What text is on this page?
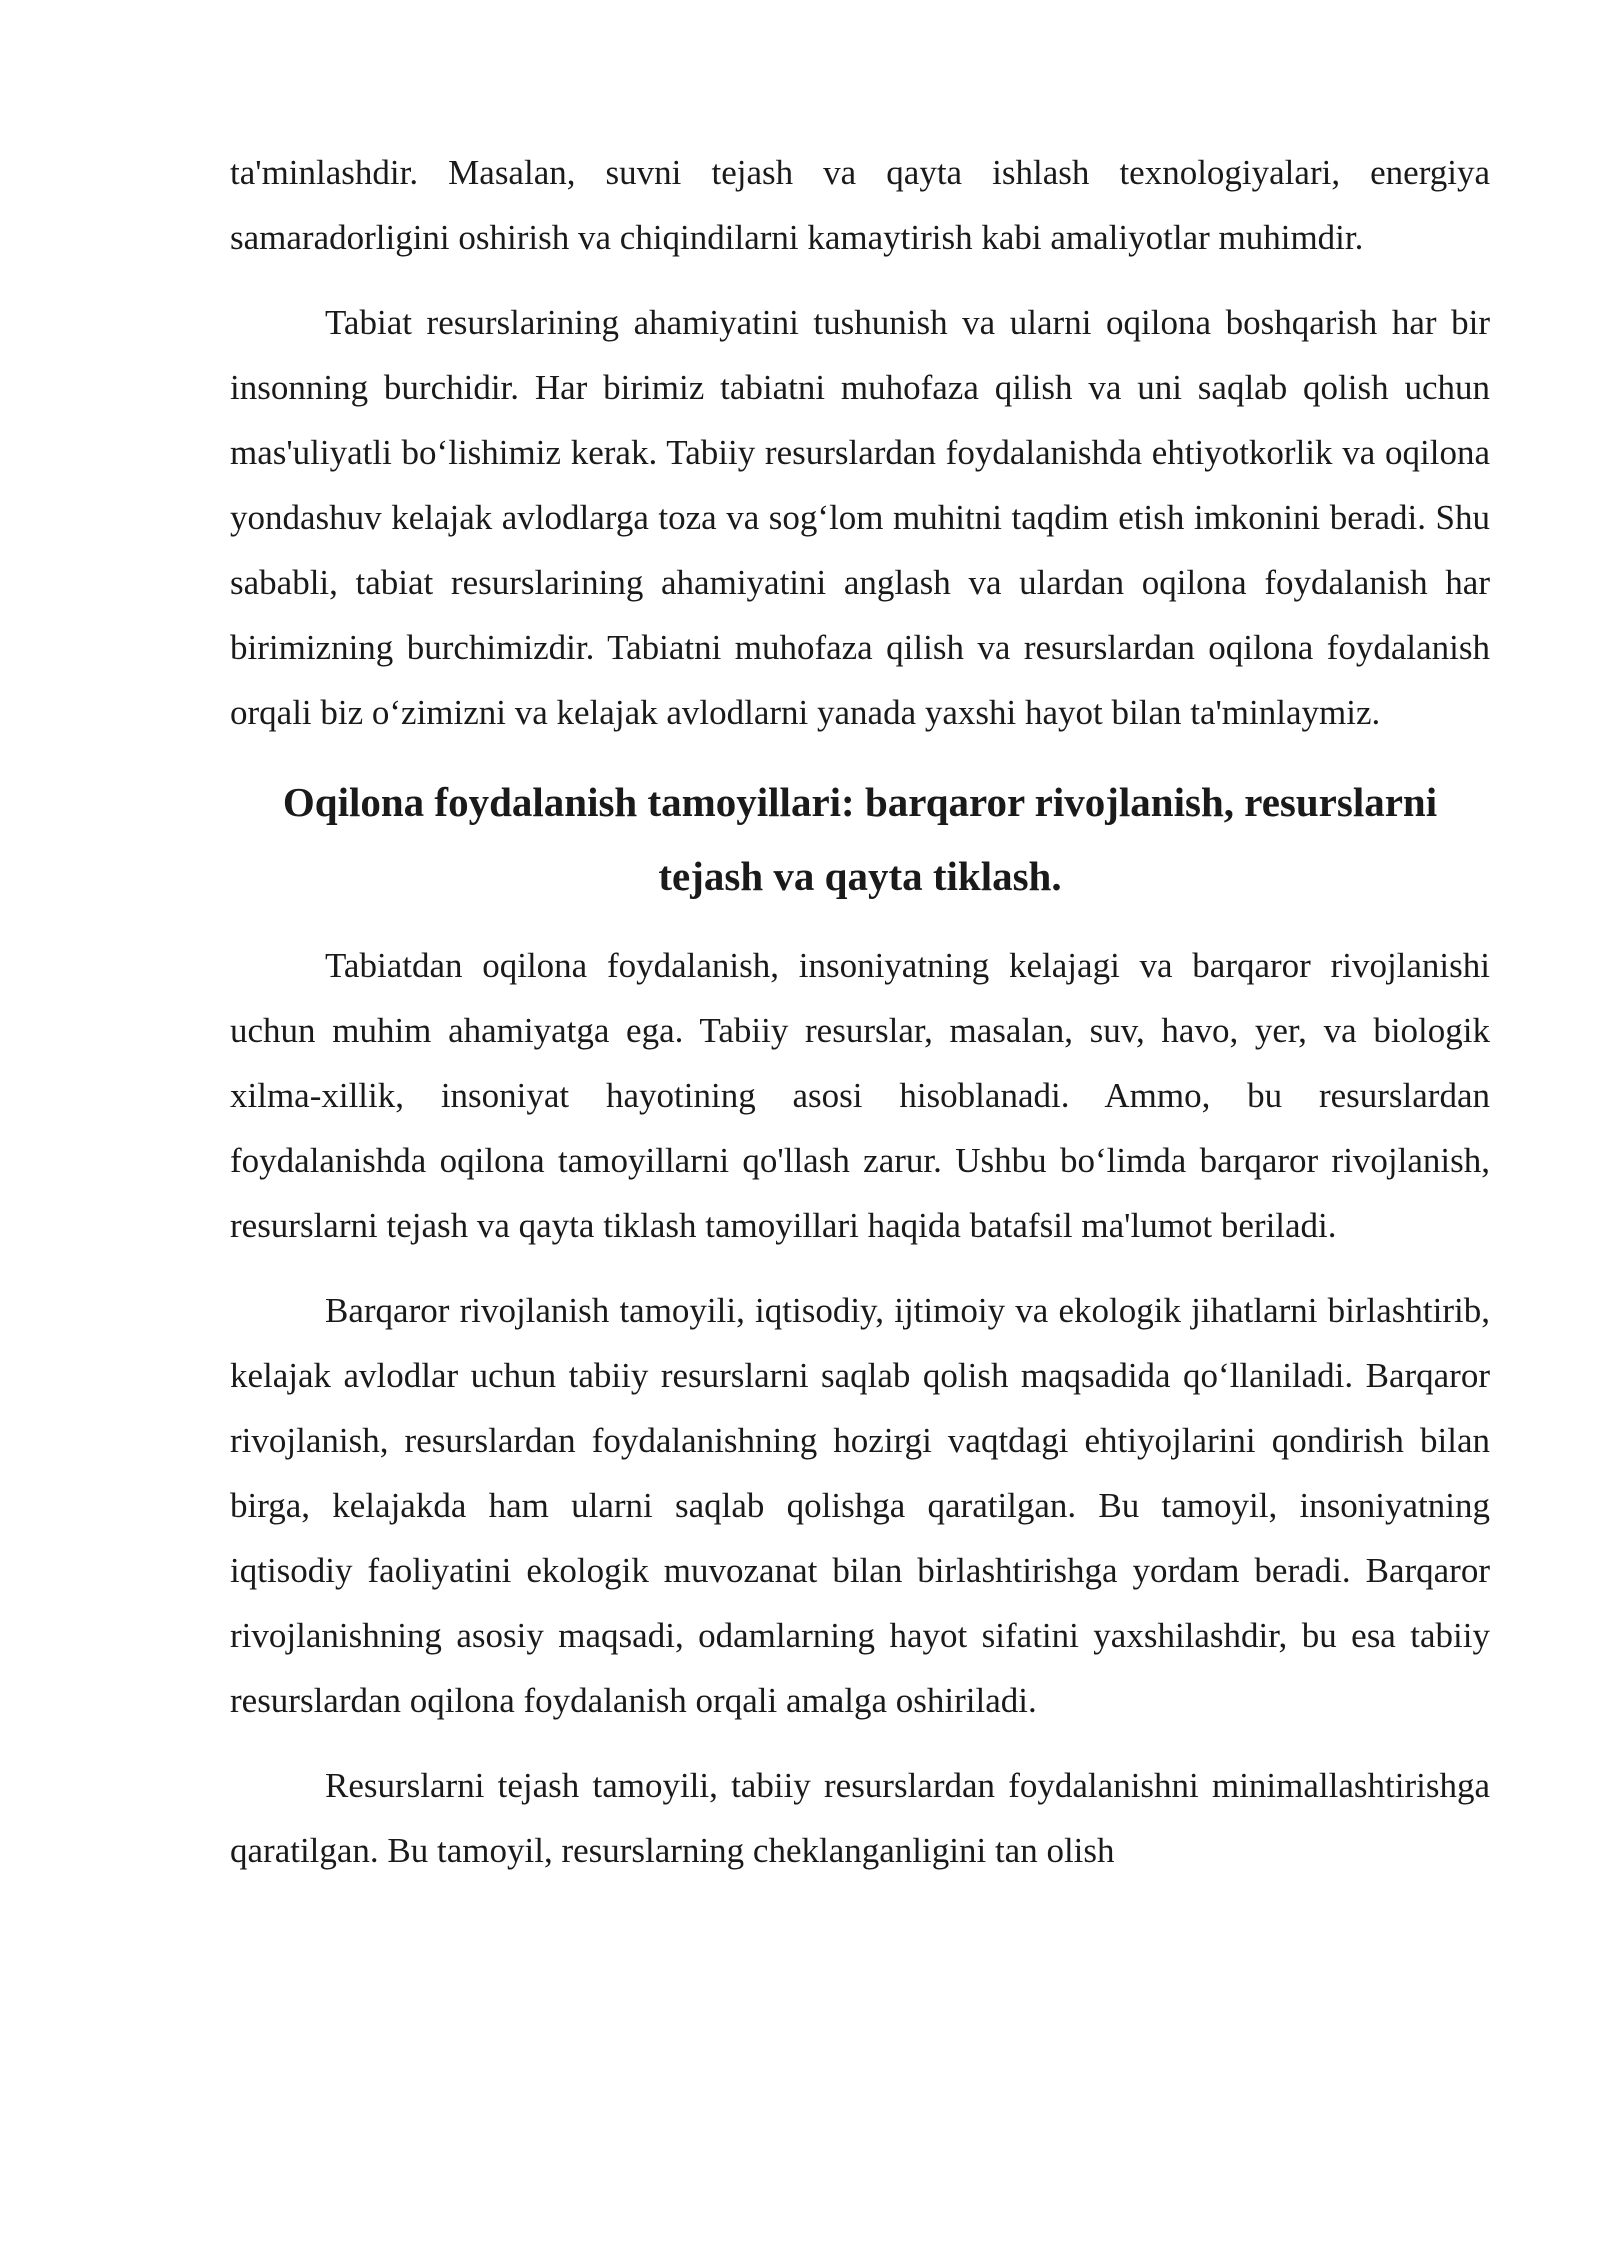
ta'minlashdir. Masalan, suvni tejash va qayta ishlash texnologiyalari, energiya samaradorligini oshirish va chiqindilarni kamaytirish kabi amaliyotlar muhimdir.

Tabiat resurslarining ahamiyatini tushunish va ularni oqilona boshqarish har bir insonning burchidir. Har birimiz tabiatni muhofaza qilish va uni saqlab qolish uchun mas'uliyatli bo‘lishimiz kerak. Tabiiy resurslardan foydalanishda ehtiyotkorlik va oqilona yondashuv kelajak avlodlarga toza va sog‘lom muhitni taqdim etish imkonini beradi. Shu sababli, tabiat resurslarining ahamiyatini anglash va ulardan oqilona foydalanish har birimizning burchimizdir. Tabiatni muhofaza qilish va resurslardan oqilona foydalanish orqali biz o‘zimizni va kelajak avlodlarni yanada yaxshi hayot bilan ta'minlaymiz.

Oqilona foydalanish tamoyillari: barqaror rivojlanish, resurslarni tejash va qayta tiklash.

Tabiatdan oqilona foydalanish, insoniyatning kelajagi va barqaror rivojlanishi uchun muhim ahamiyatga ega. Tabiiy resurslar, masalan, suv, havo, yer, va biologik xilma-xillik, insoniyat hayotining asosi hisoblanadi. Ammo, bu resurslardan foydalanishda oqilona tamoyillarni qo'llash zarur. Ushbu bo‘limda barqaror rivojlanish, resurslarni tejash va qayta tiklash tamoyillari haqida batafsil ma'lumot beriladi.

Barqaror rivojlanish tamoyili, iqtisodiy, ijtimoiy va ekologik jihatlarni birlashtirib, kelajak avlodlar uchun tabiiy resurslarni saqlab qolish maqsadida qo‘llaniladi. Barqaror rivojlanish, resurslardan foydalanishning hozirgi vaqtdagi ehtiyojlarini qondirish bilan birga, kelajakda ham ularni saqlab qolishga qaratilgan. Bu tamoyil, insoniyatning iqtisodiy faoliyatini ekologik muvozanat bilan birlashtirishga yordam beradi. Barqaror rivojlanishning asosiy maqsadi, odamlarning hayot sifatini yaxshilashdir, bu esa tabiiy resurslardan oqilona foydalanish orqali amalga oshiriladi.

Resurslarni tejash tamoyili, tabiiy resurslardan foydalanishni minimallashtirishga qaratilgan. Bu tamoyil, resurslarning cheklanganligini tan olish
